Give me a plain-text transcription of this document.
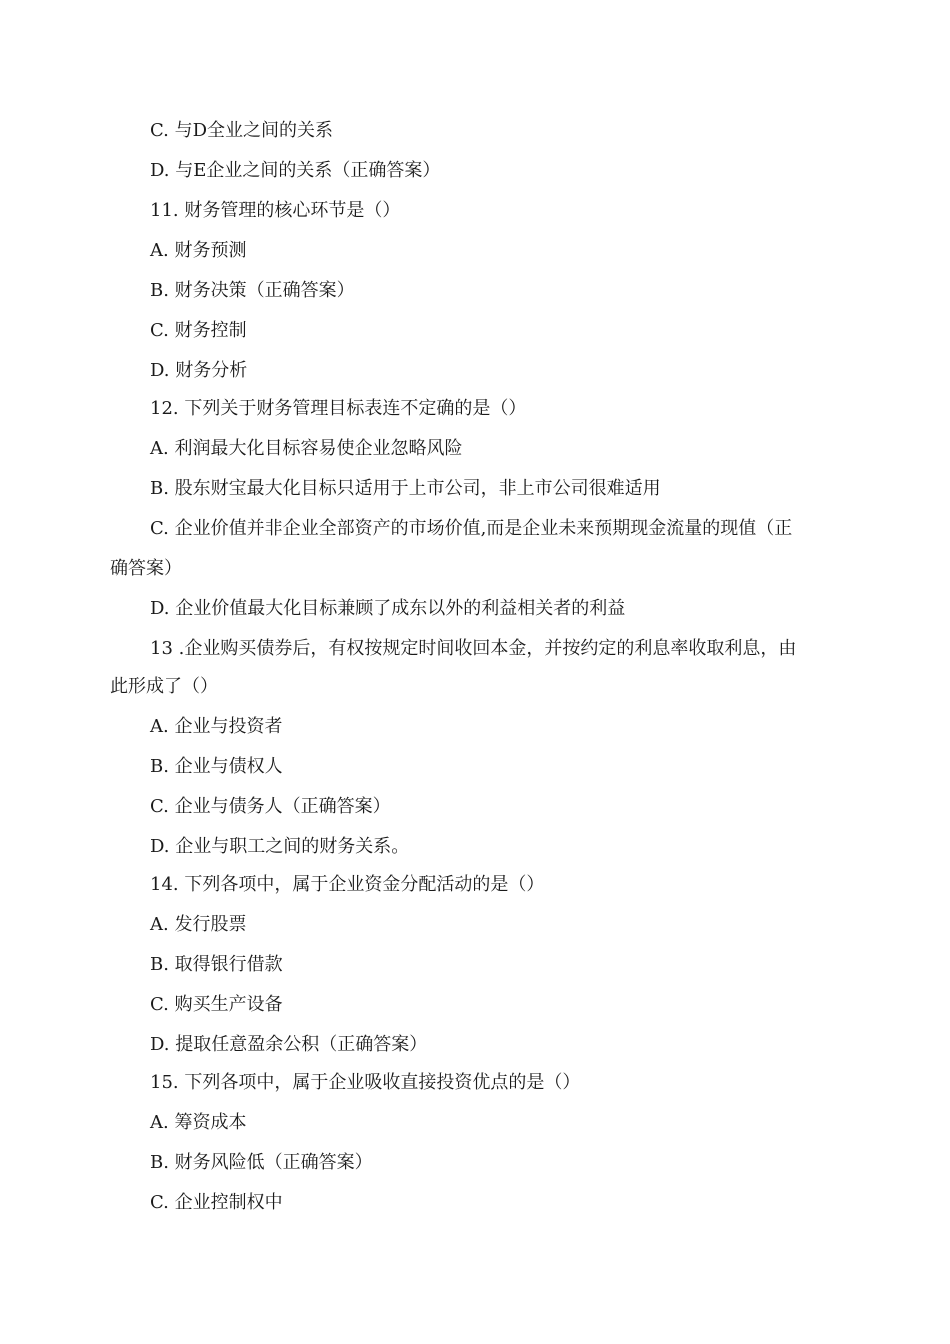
C. 与D全业之间的关系
D. 与E企业之间的关系（正确答案）
11. 财务管理的核心环节是（）
A. 财务预测
B. 财务决策（正确答案）
C. 财务控制
D. 财务分析
12. 下列关于财务管理目标表连不定确的是（）
A. 利润最大化目标容易使企业忽略风险
B. 股东财宝最大化目标只适用于上市公司，非上市公司很难适用
C. 企业价值并非企业全部资产的市场价值,而是企业未来预期现金流量的现值（正
确答案）
D. 企业价值最大化目标兼顾了成东以外的利益相关者的利益
13 .企业购买债券后，有权按规定时间收回本金，并按约定的利息率收取利息，由
此形成了（）
A. 企业与投资者
B. 企业与债权人
C. 企业与债务人（正确答案）
D. 企业与职工之间的财务关系。
14. 下列各项中，属于企业资金分配活动的是（）
A. 发行股票
B. 取得银行借款
C. 购买生产设备
D. 提取任意盈余公积（正确答案）
15. 下列各项中，属于企业吸收直接投资优点的是（）
A. 筹资成本
B. 财务风险低（正确答案）
C. 企业控制权中
